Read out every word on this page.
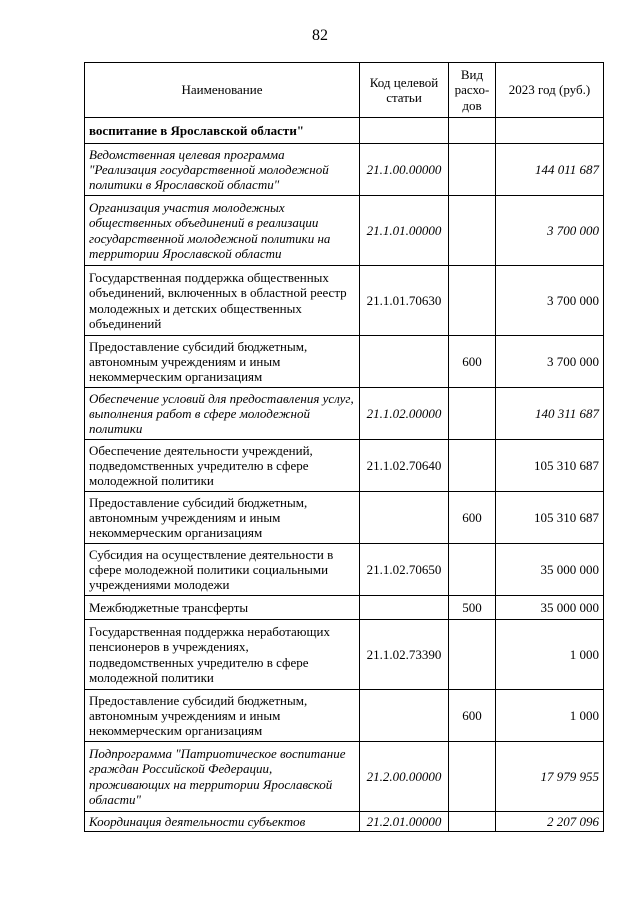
82
Наименование	Код целевой статьи	Вид расхо-дов	2023 год (руб.)
воспитание в Ярославской области"			
Ведомственная целевая программа "Реализация государственной молодежной политики в Ярославской области"	21.1.00.00000		144 011 687
Организация участия молодежных общественных объединений в реализации государственной молодежной политики на территории Ярославской области	21.1.01.00000		3 700 000
Государственная поддержка общественных объединений, включенных в областной реестр молодежных и детских общественных объединений	21.1.01.70630		3 700 000
Предоставление субсидий бюджетным, автономным учреждениям и иным некоммерческим организациям		600	3 700 000
Обеспечение условий для предоставления услуг, выполнения работ в сфере молодежной политики	21.1.02.00000		140 311 687
Обеспечение деятельности учреждений, подведомственных учредителю в сфере молодежной политики	21.1.02.70640		105 310 687
Предоставление субсидий бюджетным, автономным учреждениям и иным некоммерческим организациям		600	105 310 687
Субсидия на осуществление деятельности в сфере молодежной политики социальными учреждениями молодежи	21.1.02.70650		35 000 000
Межбюджетные трансферты		500	35 000 000
Государственная поддержка неработающих пенсионеров в учреждениях, подведомственных учредителю в сфере молодежной политики	21.1.02.73390		1 000
Предоставление субсидий бюджетным, автономным учреждениям и иным некоммерческим организациям		600	1 000
Подпрограмма "Патриотическое воспитание граждан Российской Федерации, проживающих на территории Ярославской области"	21.2.00.00000		17 979 955
Координация деятельности субъектов	21.2.01.00000		2 207 096
